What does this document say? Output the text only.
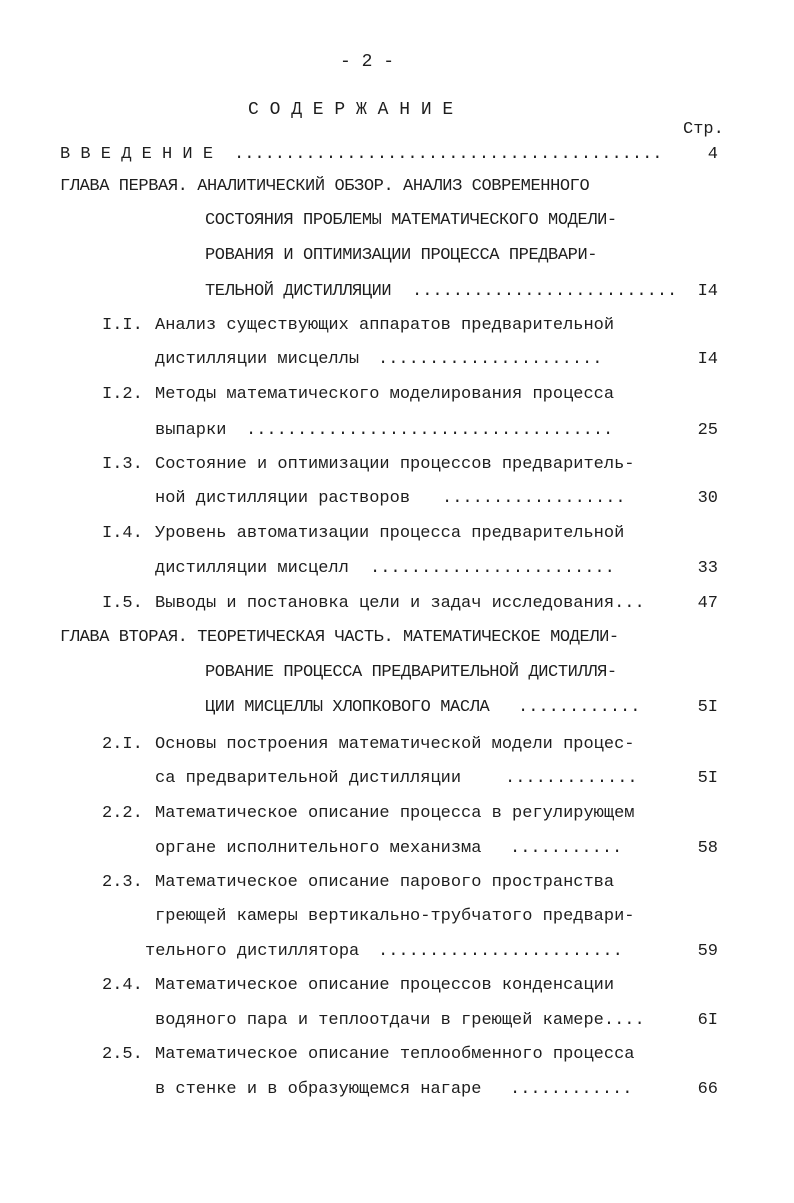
- 2 -
С О Д Е Р Ж А Н И Е
Стр.
В В Е Д Е Н И Е ..........................................	4
ГЛАВА ПЕРВАЯ. АНАЛИТИЧЕСКИЙ ОБЗОР. АНАЛИЗ СОВРЕМЕННОГО
СОСТОЯНИЯ ПРОБЛЕМЫ МАТЕМАТИЧЕСКОГО МОДЕЛИ-
РОВАНИЯ И ОПТИМИЗАЦИИ ПРОЦЕССА ПРЕДВАРИ-
ТЕЛЬНОЙ ДИСТИЛЛЯЦИИ .......................... I4
I.I. Анализ существующих аппаратов предварительной
дистилляции мисцеллы ......................	I4
I.2. Методы математического моделирования процесса
выпарки ....................................	25
I.3. Состояние и оптимизации процессов предваритель-
ной дистилляции растворов ..................	30
I.4. Уровень автоматизации процесса предварительной
дистилляции мисцелл ........................	33
I.5. Выводы и постановка цели и задач исследования...	47
ГЛАВА ВТОРАЯ. ТЕОРЕТИЧЕСКАЯ ЧАСТЬ. МАТЕМАТИЧЕСКОЕ МОДЕЛИ-
РОВАНИЕ ПРОЦЕССА ПРЕДВАРИТЕЛЬНОЙ ДИСТИЛЛЯ-
ЦИИ МИСЦЕЛЛЫ ХЛОПКОВОГО МАСЛА ............	5I
2.I. Основы построения математической модели процес-
са предварительной дистилляции	.............	5I
2.2. Математическое описание процесса в регулирующем
органе исполнительного механизма ...........	58
2.3. Математическое описание парового пространства
греющей камеры вертикально-трубчатого предвари-
тельного дистиллятора ........................	59
2.4. Математическое описание процессов конденсации
водяного пара и теплоотдачи в греющей камере....	6I
2.5. Математическое описание теплообменного процесса
в стенке и в образующемся нагаре ............	66
